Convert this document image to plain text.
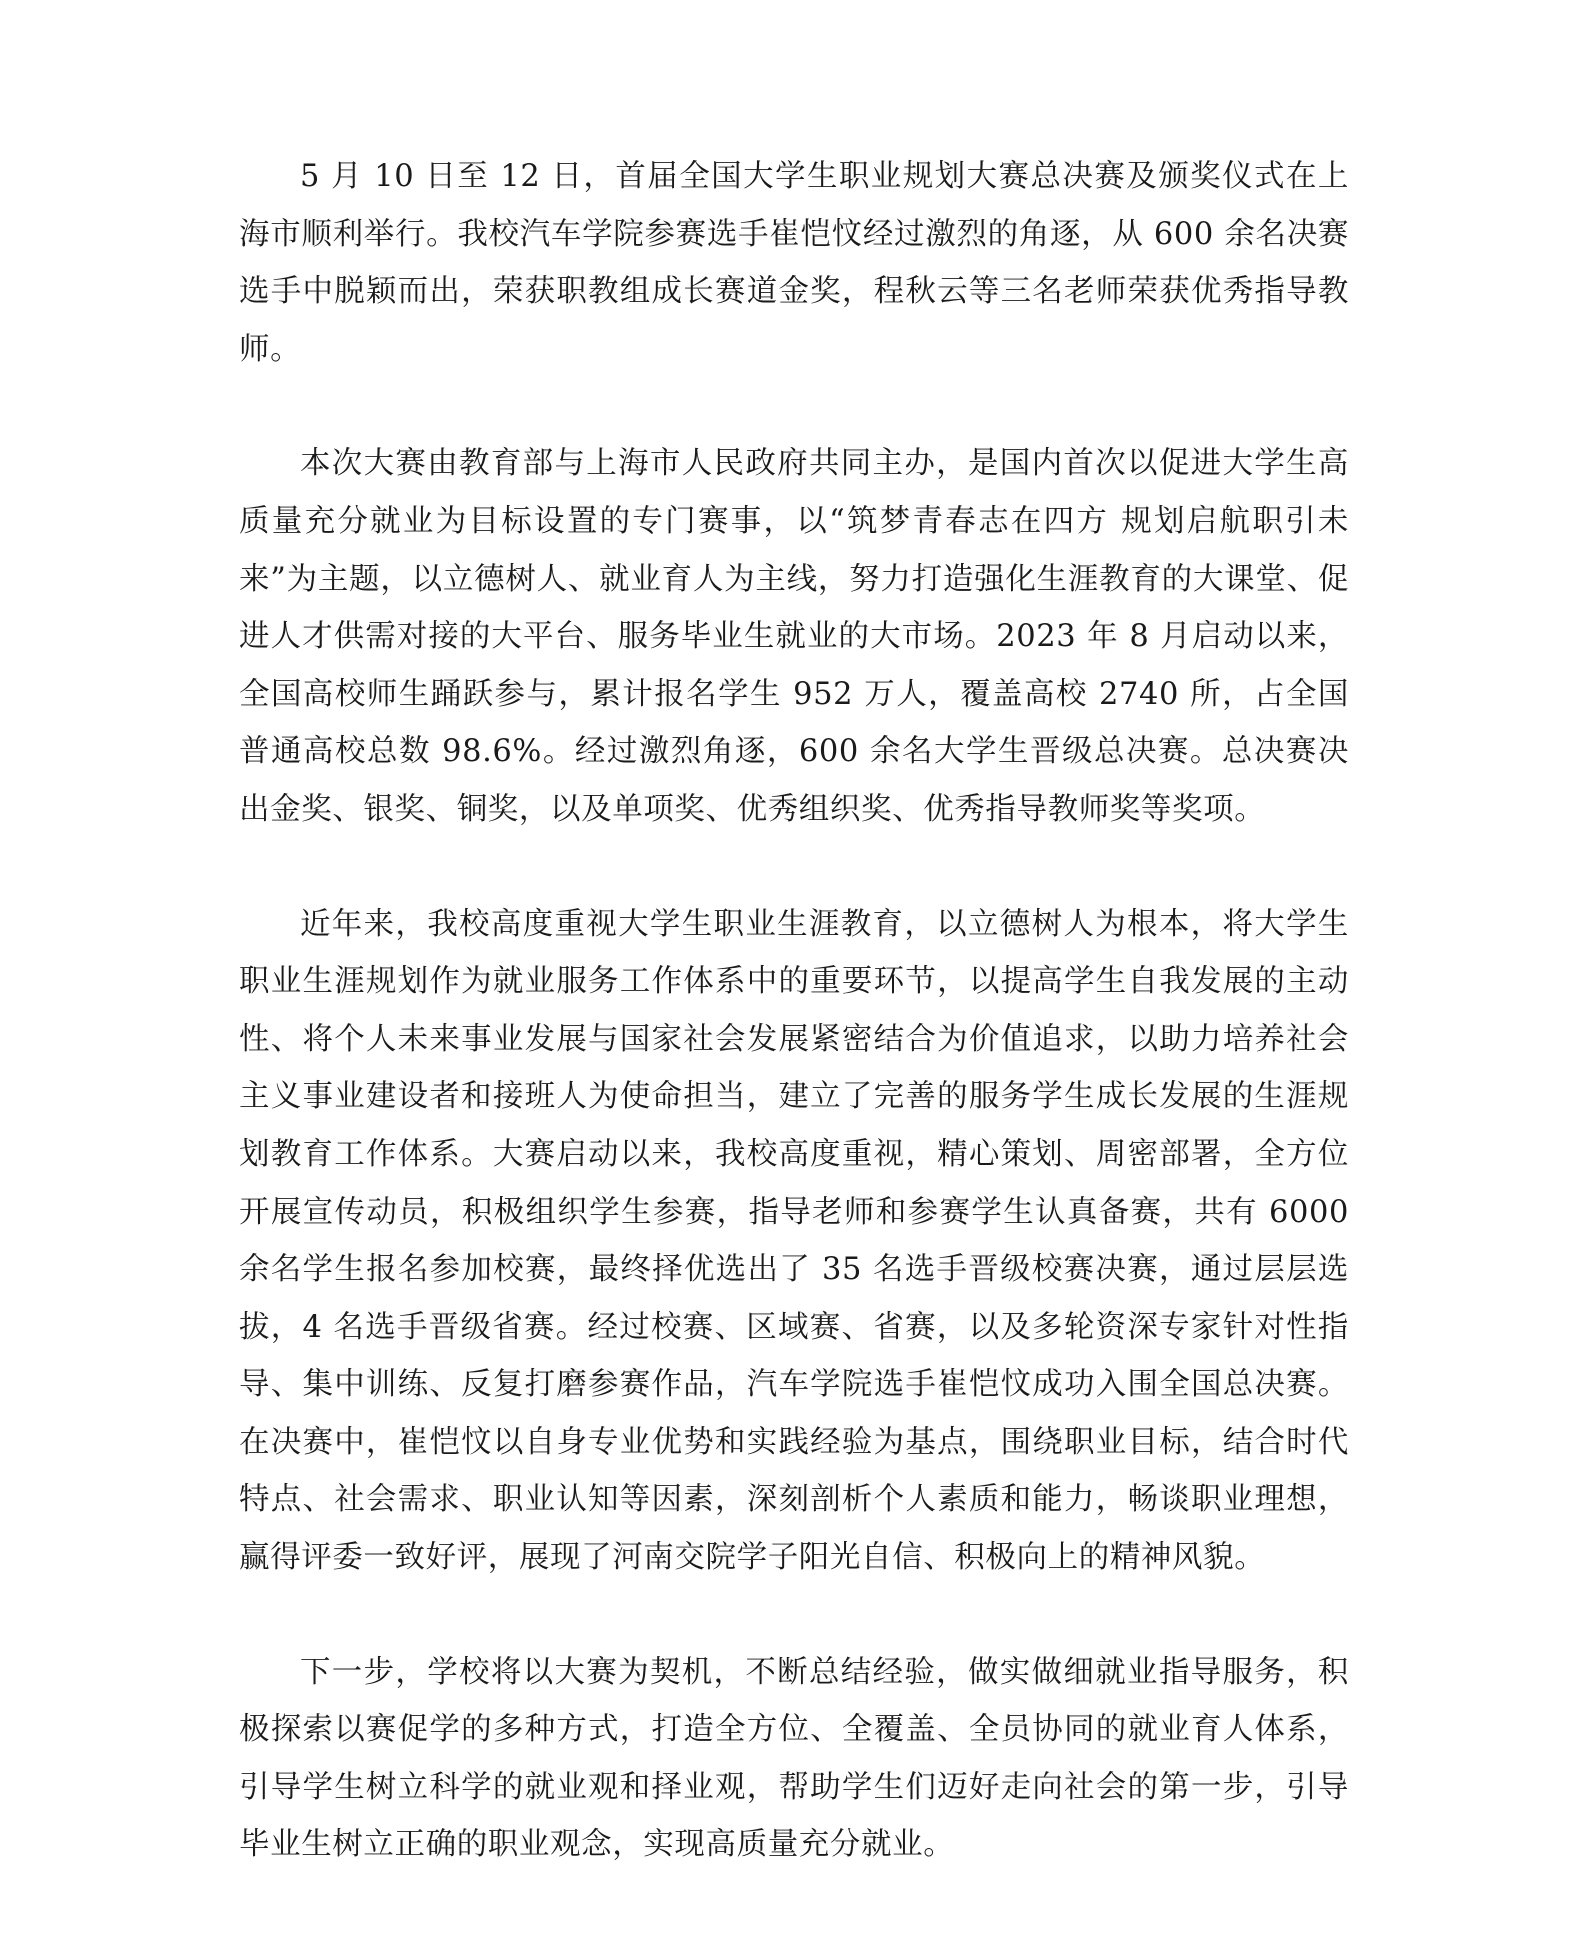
5 月 10 日至 12 日，首届全国大学生职业规划大赛总决赛及颁奖仪式在上海市顺利举行。我校汽车学院参赛选手崔恺忟经过激烈的角逐，从 600 余名决赛选手中脱颖而出，荣获职教组成长赛道金奖，程秋云等三名老师荣获优秀指导教师。

本次大赛由教育部与上海市人民政府共同主办，是国内首次以促进大学生高质量充分就业为目标设置的专门赛事，以“筑梦青春志在四方 规划启航职引未来”为主题，以立德树人、就业育人为主线，努力打造强化生涯教育的大课堂、促进人才供需对接的大平台、服务毕业生就业的大市场。2023 年 8 月启动以来，全国高校师生踊跃参与，累计报名学生 952 万人，覆盖高校 2740 所，占全国普通高校总数 98.6%。经过激烈角逐，600 余名大学生晋级总决赛。总决赛决出金奖、银奖、铜奖，以及单项奖、优秀组织奖、优秀指导教师奖等奖项。

近年来，我校高度重视大学生职业生涯教育，以立德树人为根本，将大学生职业生涯规划作为就业服务工作体系中的重要环节，以提高学生自我发展的主动性、将个人未来事业发展与国家社会发展紧密结合为价值追求，以助力培养社会主义事业建设者和接班人为使命担当，建立了完善的服务学生成长发展的生涯规划教育工作体系。大赛启动以来，我校高度重视，精心策划、周密部署，全方位开展宣传动员，积极组织学生参赛，指导老师和参赛学生认真备赛，共有 6000 余名学生报名参加校赛，最终择优选出了 35 名选手晋级校赛决赛，通过层层选拔，4 名选手晋级省赛。经过校赛、区域赛、省赛，以及多轮资深专家针对性指导、集中训练、反复打磨参赛作品，汽车学院选手崔恺忟成功入围全国总决赛。在决赛中，崔恺忟以自身专业优势和实践经验为基点，围绕职业目标，结合时代特点、社会需求、职业认知等因素，深刻剖析个人素质和能力，畅谈职业理想，赢得评委一致好评，展现了河南交院学子阳光自信、积极向上的精神风貌。

下一步，学校将以大赛为契机，不断总结经验，做实做细就业指导服务，积极探索以赛促学的多种方式，打造全方位、全覆盖、全员协同的就业育人体系，引导学生树立科学的就业观和择业观，帮助学生们迈好走向社会的第一步，引导毕业生树立正确的职业观念，实现高质量充分就业。
